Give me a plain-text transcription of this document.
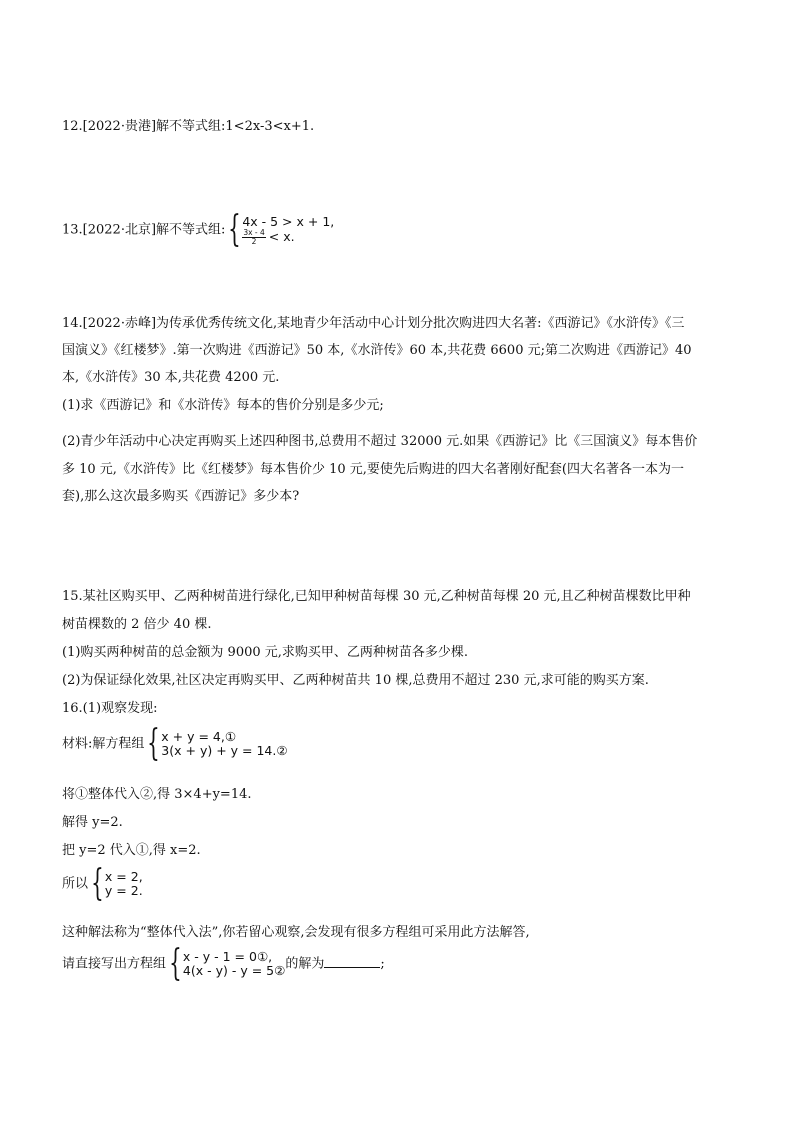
12.[2022·贵港]解不等式组:1<2x-3<x+1.
13.[2022·北京]解不等式组: { 4x - 5 > x + 1,
$\frac{3x - 4}{2} < x$.
14.[2022·赤峰]为传承优秀传统文化,某地青少年活动中心计划分批次购进四大名著:《西游记》《水浒传》《三
国演义》《红楼梦》.第一次购进《西游记》50 本,《水浒传》60 本,共花费 6600 元;第二次购进《西游记》40
本,《水浒传》30 本,共花费 4200 元.
(1)求《西游记》和《水浒传》每本的售价分别是多少元;
(2)青少年活动中心决定再购买上述四种图书,总费用不超过 32000 元.如果《西游记》比《三国演义》每本售价
多 10 元,《水浒传》比《红楼梦》每本售价少 10 元,要使先后购进的四大名著刚好配套(四大名著各一本为一
套),那么这次最多购买《西游记》多少本?
15.某社区购买甲、乙两种树苗进行绿化,已知甲种树苗每棵 30 元,乙种树苗每棵 20 元,且乙种树苗棵数比甲种
树苗棵数的 2 倍少 40 棵.
(1)购买两种树苗的总金额为 9000 元,求购买甲、乙两种树苗各多少棵.
(2)为保证绿化效果,社区决定再购买甲、乙两种树苗共 10 棵,总费用不超过 230 元,求可能的购买方案.
16.(1)观察发现:
材料:解方程组 { x + y = 4,①
3(x + y) + y = 14.②
将①整体代入②,得 3×4+y=14.
解得 y=2.
把 y=2 代入①,得 x=2.
所以 { x = 2,
y = 2.
这种解法称为“整体代入法”,你若留心观察,会发现有很多方程组可采用此方法解答,
请直接写出方程组 { x - y - 1 = 0①,
4(x - y) - y = 5② 的解为	;
